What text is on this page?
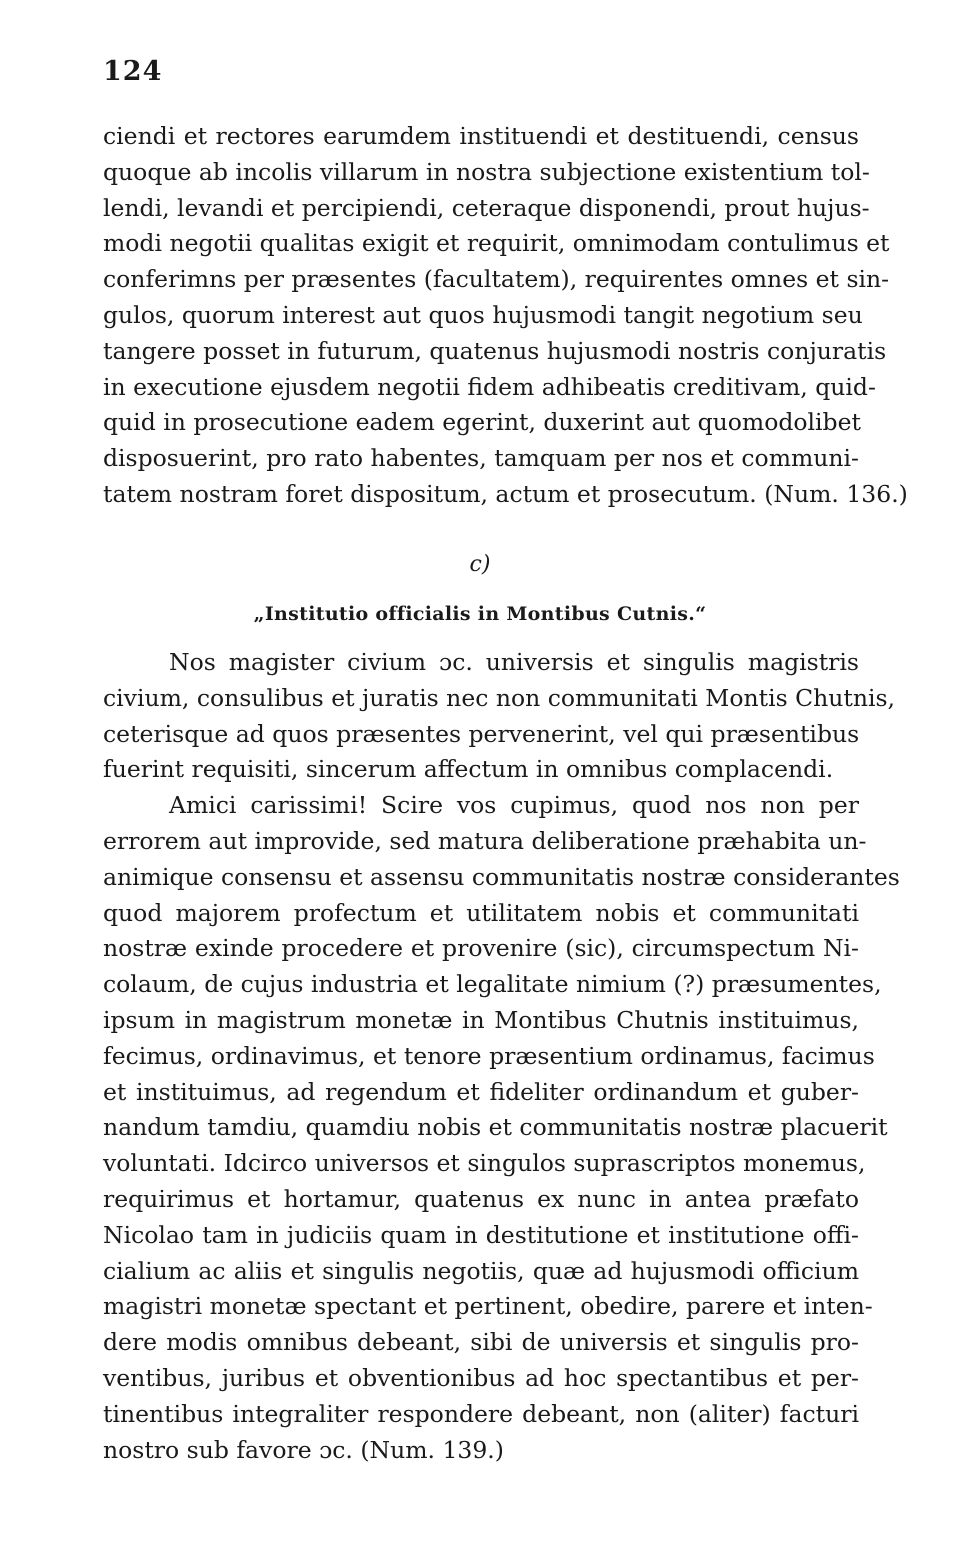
124
ciendi et rectores earumdem instituendi et destituendi, census
quoque ab incolis villarum in nostra subjectione existentium tol-
lendi, levandi et percipiendi, ceteraque disponendi, prout hujus-
modi negotii qualitas exigit et requirit, omnimodam contulimus et
conferimns per præsentes (facultatem), requirentes omnes et sin-
gulos, quorum interest aut quos hujusmodi tangit negotium seu
tangere posset in futurum, quatenus hujusmodi nostris conjuratis
in executione ejusdem negotii fidem adhibeatis creditivam, quid-
quid in prosecutione eadem egerint, duxerint aut quomodolibet
disposuerint, pro rato habentes, tamquam per nos et communi-
tatem nostram foret dispositum, actum et prosecutum. (Num. 136.)
c)
„Institutio officialis in Montibus Cutnis.“
Nos magister civium ɔc. universis et singulis magistris
civium, consulibus et juratis nec non communitati Montis Chutnis,
ceterisque ad quos præsentes pervenerint, vel qui præsentibus
fuerint requisiti, sincerum affectum in omnibus complacendi.
Amici carissimi! Scire vos cupimus, quod nos non per
errorem aut improvide, sed matura deliberatione præhabita un-
animique consensu et assensu communitatis nostræ considerantes
quod majorem profectum et utilitatem nobis et communitati
nostræ exinde procedere et provenire (sic), circumspectum Ni-
colaum, de cujus industria et legalitate nimium (?) præsumentes,
ipsum in magistrum monetæ in Montibus Chutnis instituimus,
fecimus, ordinavimus, et tenore præsentium ordinamus, facimus
et instituimus, ad regendum et fideliter ordinandum et guber-
nandum tamdiu, quamdiu nobis et communitatis nostræ placuerit
voluntati. Idcirco universos et singulos suprascriptos monemus,
requirimus et hortamur, quatenus ex nunc in antea præfato
Nicolao tam in judiciis quam in destitutione et institutione offi-
cialium ac aliis et singulis negotiis, quæ ad hujusmodi officium
magistri monetæ spectant et pertinent, obedire, parere et inten-
dere modis omnibus debeant, sibi de universis et singulis pro-
ventibus, juribus et obventionibus ad hoc spectantibus et per-
tinentibus integraliter respondere debeant, non (aliter) facturi
nostro sub favore ɔc. (Num. 139.)
